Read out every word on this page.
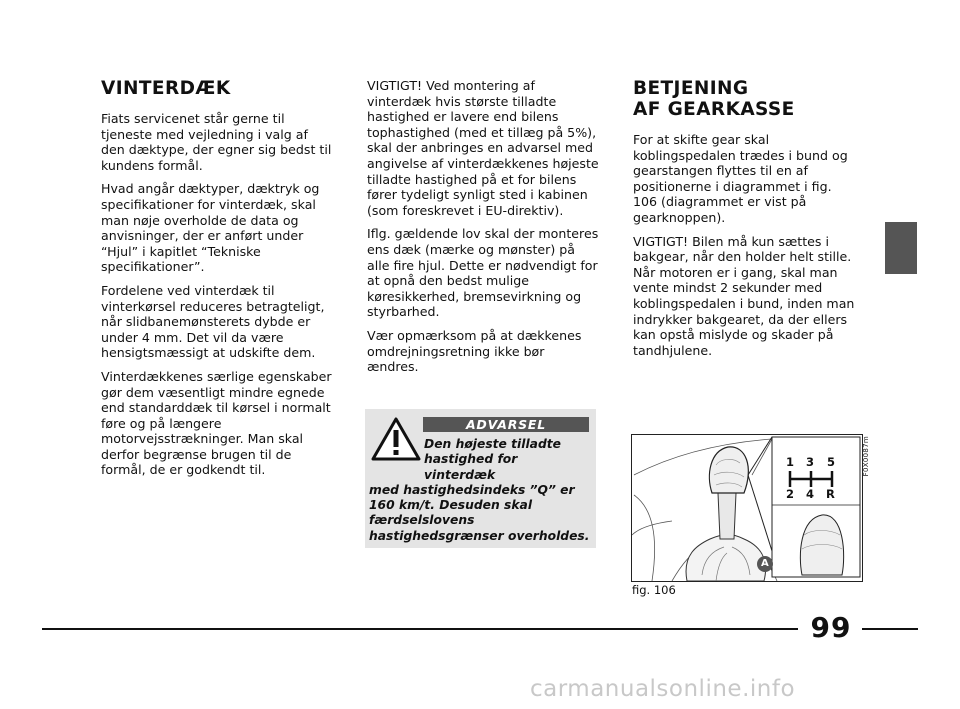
VINTERDÆK

Fiats servicenet står gerne til tjeneste med vejledning i valg af den dæktype, der egner sig bedst til kundens formål.

Hvad angår dæktyper, dæktryk og specifikationer for vinterdæk, skal man nøje overholde de data og anvisninger, der er anført under “Hjul” i kapitlet “Tekniske specifikationer”.

Fordelene ved vinterdæk til vinterkørsel reduceres betragteligt, når slidbanemønsterets dybde er under 4 mm. Det vil da være hensigtsmæssigt at udskifte dem.

Vinterdækkenes særlige egenskaber gør dem væsentligt mindre egnede end standarddæk til kørsel i normalt føre og på længere motorvejsstrækninger. Man skal derfor begrænse brugen til de formål, de er godkendt til.

VIGTIGT! Ved montering af vinterdæk hvis største tilladte hastighed er lavere end bilens tophastighed (med et tillæg på 5%), skal der anbringes en advarsel med angivelse af vinterdækkenes højeste tilladte hastighed på et for bilens fører tydeligt synligt sted i kabinen (som foreskrevet i EU-direktiv).

Iflg. gældende lov skal der monteres ens dæk (mærke og mønster) på alle fire hjul. Dette er nødvendigt for at opnå den bedst mulige køresikkerhed, bremsevirkning og styrbarhed.

Vær opmærksom på at dækkenes omdrejningsretning ikke bør ændres.

ADVARSEL
Den højeste tilladte
hastighed for vinterdæk
med hastighedsindeks ”Q” er 160 km/t. Desuden skal færdselslovens hastighedsgrænser overholdes.
BETJENING
AF GEARKASSE

For at skifte gear skal koblingspedalen trædes i bund og gearstangen flyttes til en af positionerne i diagrammet i fig. 106 (diagrammet er vist på gearknoppen).

VIGTIGT! Bilen må kun sættes i bakgear, når den holder helt stille. Når motoren er i gang, skal man vente mindst 2 sekunder med koblingspedalen i bund, inden man indrykker bakgearet, da der ellers kan opstå mislyde og skader på tandhjulene.

1 3 5
2 4 R
A
F0X0087m
fig. 106
99
carmanualsonline.info
